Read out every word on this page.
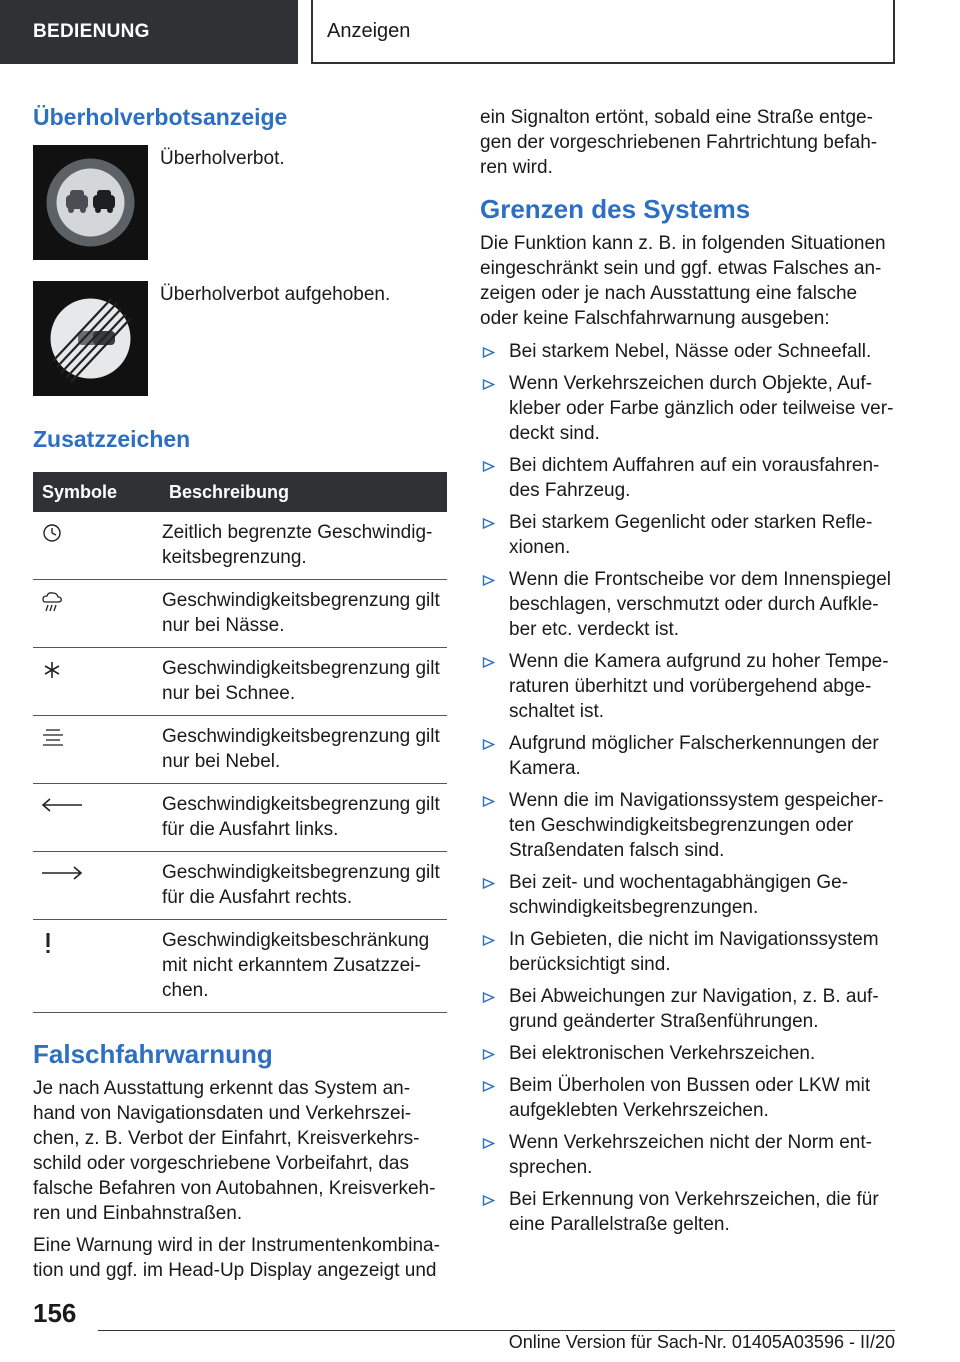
BEDIENUNG	Anzeigen
Überholverbotsanzeige
Überholverbot.
Überholverbot aufgehoben.
Zusatzzeichen
Symbole	Beschreibung

	Zeitlich begrenzte Geschwindig-keitsbegrenzung.

	Geschwindigkeitsbegrenzung gilt nur bei Nässe.

	Geschwindigkeitsbegrenzung gilt nur bei Schnee.

	Geschwindigkeitsbegrenzung gilt nur bei Nebel.

	Geschwindigkeitsbegrenzung gilt für die Ausfahrt links.

	Geschwindigkeitsbegrenzung gilt für die Ausfahrt rechts.

	Geschwindigkeitsbeschränkung mit nicht erkanntem Zusatzzei-chen.
Falschfahrwarnung

Je nach Ausstattung erkennt das System an-hand von Navigationsdaten und Verkehrszei-chen, z. B. Verbot der Einfahrt, Kreisverkehrs-schild oder vorgeschriebene Vorbeifahrt, das falsche Befahren von Autobahnen, Kreisverkeh-ren und Einbahnstraßen.

Eine Warnung wird in der Instrumentenkombina-tion und ggf. im Head-Up Display angezeigt und

ein Signalton ertönt, sobald eine Straße entge-gen der vorgeschriebenen Fahrtrichtung befah-ren wird.

Grenzen des Systems

Die Funktion kann z. B. in folgenden Situationen eingeschränkt sein und ggf. etwas Falsches an-zeigen oder je nach Ausstattung eine falsche oder keine Falschfahrwarnung ausgeben:

Bei starkem Nebel, Nässe oder Schneefall.
Wenn Verkehrszeichen durch Objekte, Auf-kleber oder Farbe gänzlich oder teilweise ver-deckt sind.
Bei dichtem Auffahren auf ein vorausfahren-des Fahrzeug.
Bei starkem Gegenlicht oder starken Refle-xionen.
Wenn die Frontscheibe vor dem Innenspiegel beschlagen, verschmutzt oder durch Aufkle-ber etc. verdeckt ist.
Wenn die Kamera aufgrund zu hoher Tempe-raturen überhitzt und vorübergehend abge-schaltet ist.
Aufgrund möglicher Falscherkennungen der Kamera.
Wenn die im Navigationssystem gespeicher-ten Geschwindigkeitsbegrenzungen oder Straßendaten falsch sind.
Bei zeit- und wochentagabhängigen Ge-schwindigkeitsbegrenzungen.
In Gebieten, die nicht im Navigationssystem berücksichtigt sind.
Bei Abweichungen zur Navigation, z. B. auf-grund geänderter Straßenführungen.
Bei elektronischen Verkehrszeichen.
Beim Überholen von Bussen oder LKW mit aufgeklebten Verkehrszeichen.
Wenn Verkehrszeichen nicht der Norm ent-sprechen.
Bei Erkennung von Verkehrszeichen, die für eine Parallelstraße gelten.
156
Online Version für Sach-Nr. 01405A03596 - II/20
